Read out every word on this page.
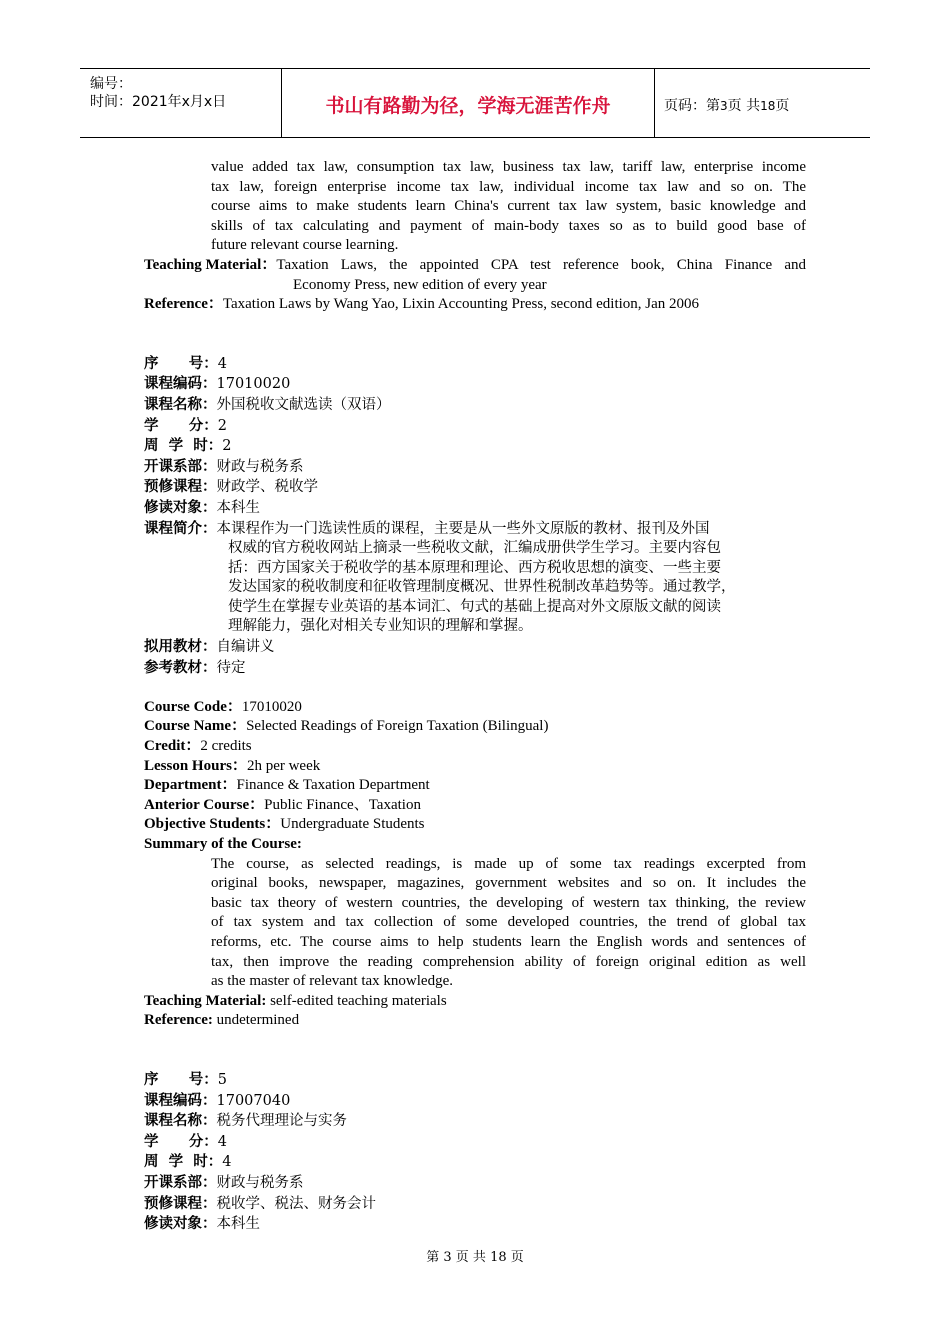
编号：
时间：2021年x月x日	书山有路勤为径，学海无涯苦作舟	页码：第3页 共18页
value added tax law, consumption tax law, business tax law, tariff law, enterprise income
tax law, foreign enterprise income tax law, individual income tax law and so on. The
course aims to make students learn China's current tax law system, basic knowledge and
skills of tax calculating and payment of main-body taxes so as to build good base of
future relevant course learning.
Teaching Material： Taxation Laws, the appointed CPA test reference book, China Finance and
Economy Press, new edition of every year
Reference：Taxation Laws by Wang Yao, Lixin Accounting Press, second edition, Jan 2006
序      号：4
课程编码：17010020
课程名称：外国税收文献选读（双语）
学      分：2
周  学  时：2
开课系部：财政与税务系
预修课程：财政学、税收学
修读对象：本科生
课程简介：本课程作为一门选读性质的课程，主要是从一些外文原版的教材、报刊及外国
权威的官方税收网站上摘录一些税收文献，汇编成册供学生学习。主要内容包
括：西方国家关于税收学的基本原理和理论、西方税收思想的演变、一些主要
发达国家的税收制度和征收管理制度概况、世界性税制改革趋势等。通过教学，
使学生在掌握专业英语的基本词汇、句式的基础上提高对外文原版文献的阅读
理解能力，强化对相关专业知识的理解和掌握。
拟用教材：自编讲义
参考教材：待定
Course Code：17010020
Course Name：Selected Readings of Foreign Taxation (Bilingual)
Credit：2 credits
Lesson Hours：2h per week
Department：Finance & Taxation Department
Anterior Course：Public Finance、Taxation
Objective Students：Undergraduate Students
Summary of the Course:
The course, as selected readings, is made up of some tax readings excerpted from
original books, newspaper, magazines, government websites and so on. It includes the
basic tax theory of western countries, the developing of western tax thinking, the review
of tax system and tax collection of some developed countries, the trend of global tax
reforms, etc. The course aims to help students learn the English words and sentences of
tax, then improve the reading comprehension ability of foreign original edition as well
as the master of relevant tax knowledge.
Teaching Material: self-edited teaching materials
Reference: undetermined
序      号：5
课程编码：17007040
课程名称：税务代理理论与实务
学      分：4
周  学  时：4
开课系部：财政与税务系
预修课程：税收学、税法、财务会计
修读对象：本科生
第 3 页 共 18 页
